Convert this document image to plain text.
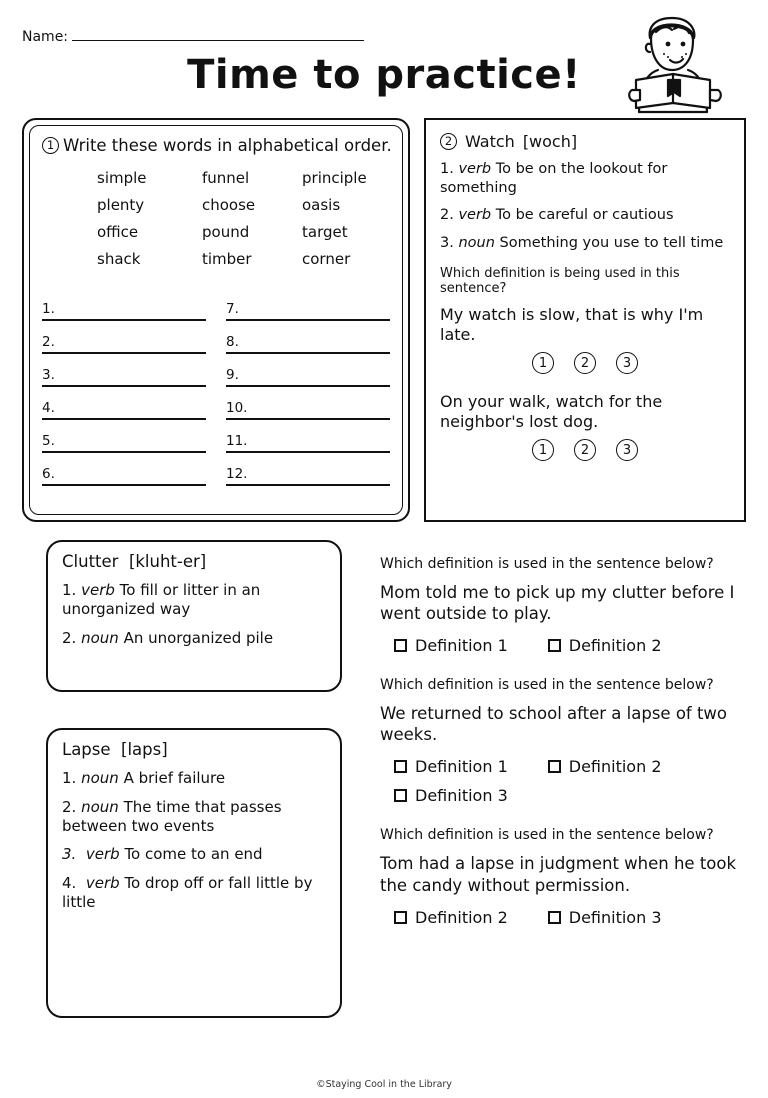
Name:
Time to practice!
1 Write these words in alphabetical order.
simple	funnel	principle
plenty	choose	oasis
office	pound	target
shack	timber	corner
1.	7.
2.	8.
3.	9.
4.	10.
5.	11.
6.	12.
2 Watch [woch]
1. verb To be on the lookout for something
2. verb To be careful or cautious
3. noun Something you use to tell time
Which definition is being used in this sentence?
My watch is slow, that is why I'm late.
1	2	3
On your walk, watch for the neighbor's lost dog.
1	2	3
Clutter [kluht-er]
1. verb To fill or litter in an unorganized way
2. noun An unorganized pile
Lapse [laps]
1. noun A brief failure
2. noun The time that passes between two events
3. verb To come to an end
4. verb To drop off or fall little by little
Which definition is used in the sentence below?
Mom told me to pick up my clutter before I went outside to play.
Definition 1	Definition 2
Which definition is used in the sentence below?
We returned to school after a lapse of two weeks.
Definition 1	Definition 2
Definition 3
Which definition is used in the sentence below?
Tom had a lapse in judgment when he took the candy without permission.
Definition 2	Definition 3
©Staying Cool in the Library
